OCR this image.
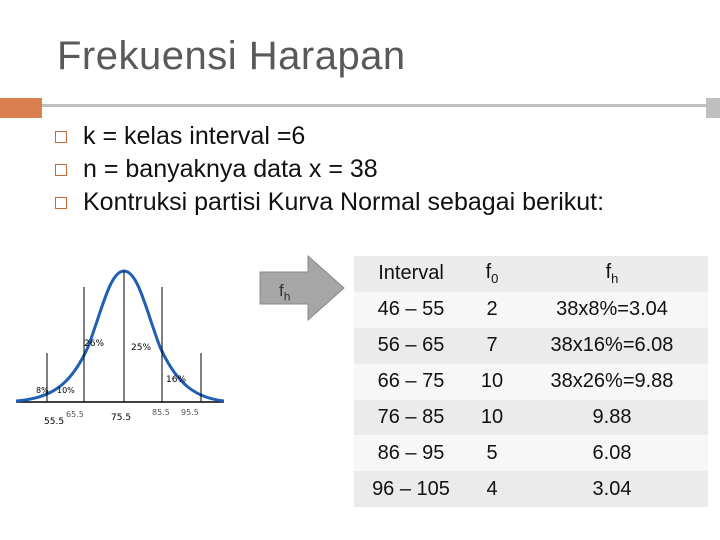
Frekuensi Harapan
k = kelas interval =6
n = banyaknya data x = 38
Kontruksi partisi Kurva Normal sebagai berikut:
26%	25%
16%
10%
8%
55.5
65.5	75.5
85.5 95.5
$f_h$
Interval	$f_0$	$f_h$
46 – 55	2	38x8%=3.04
56 – 65	7	38x16%=6.08
66 – 75	10	38x26%=9.88
76 – 85	10	9.88
86 – 95	5	6.08
96 – 105	4	3.04
